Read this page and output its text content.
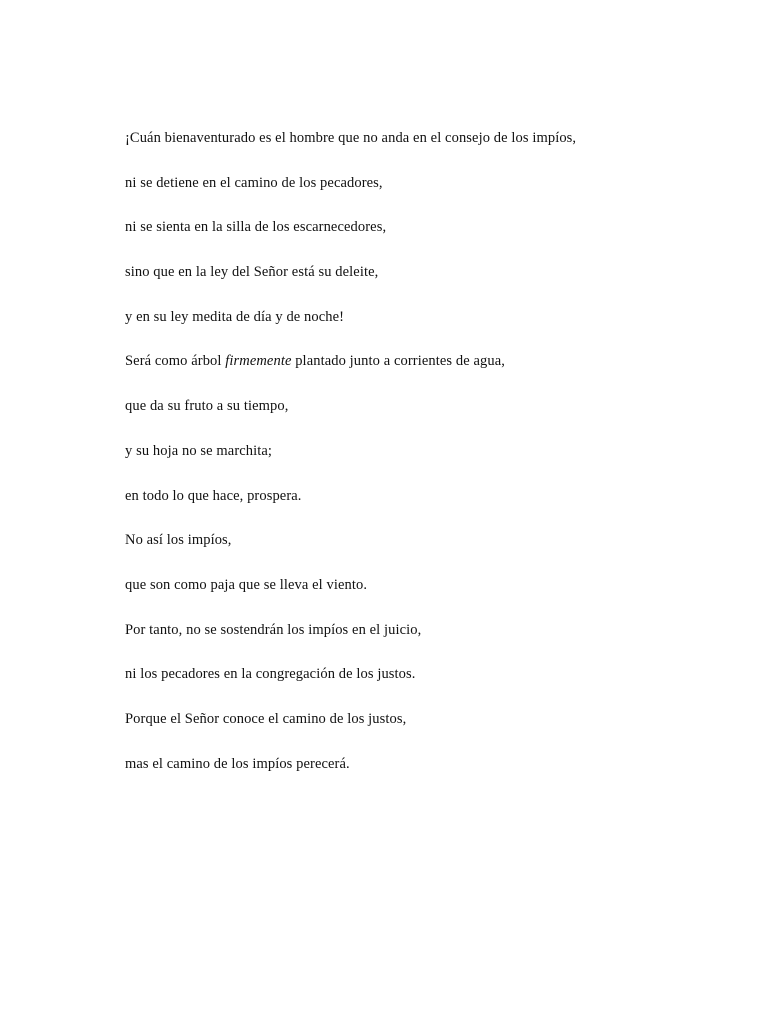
¡Cuán bienaventurado es el hombre que no anda en el consejo de los impíos,

ni se detiene en el camino de los pecadores,

ni se sienta en la silla de los escarnecedores,

sino que en la ley del Señor está su deleite,

y en su ley medita de día y de noche!

Será como árbol firmemente plantado junto a corrientes de agua,

que da su fruto a su tiempo,

y su hoja no se marchita;

en todo lo que hace, prospera.

No así los impíos,

que son como paja que se lleva el viento.

Por tanto, no se sostendrán los impíos en el juicio,

ni los pecadores en la congregación de los justos.

Porque el Señor conoce el camino de los justos,

mas el camino de los impíos perecerá.
